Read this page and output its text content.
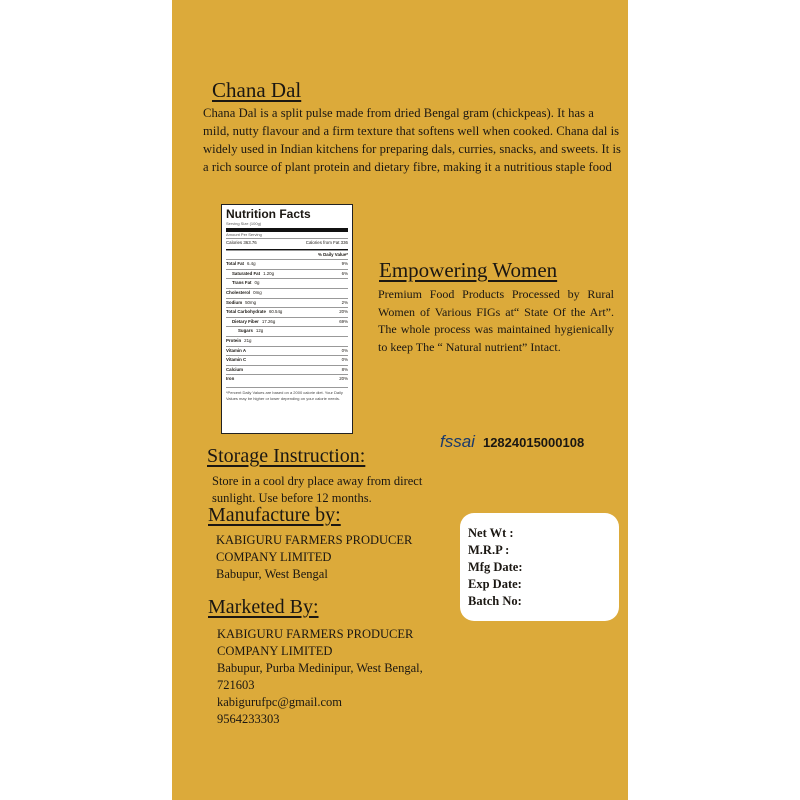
Chana Dal
Chana Dal is a split pulse made from dried Bengal gram (chickpeas). It has a mild, nutty flavour and a firm texture that softens well when cooked. Chana dal is widely used in Indian kitchens for preparing dals, curries, snacks, and sweets. It is a rich source of plant protein and dietary fibre, making it a nutritious staple food
Nutrition Facts
Serving Size (100g)
Amount Per Serving
Calories 363.76	Calories from Fat 336
% Daily Value*
Total Fat 6.4g	9%
Saturated Fat 1.20g	6%
Trans Fat 0g
Cholesterol 0mg
Sodium 50mg	2%
Total Carbohydrate 60.54g	20%
Dietary Fiber 17.26g	69%
Sugars 12g
Protein 21g
Vitamin A	0%
Vitamin C	0%
Calcium	8%
Iron	20%
*Percent Daily Values are based on a 2000 calorie diet. Your Daily Values may be higher or lower depending on your calorie needs.
Empowering Women
Premium Food Products Processed by Rural Women of Various FIGs at“ State Of the Art”. The whole process was maintained hygienically to keep The “ Natural nutrient” Intact.
fssai 12824015000108
Storage Instruction:
Store in a cool dry place away from direct sunlight. Use before 12 months.
Manufacture by:
KABIGURU FARMERS PRODUCER
COMPANY LIMITED
Babupur, West Bengal
Marketed By:
KABIGURU FARMERS PRODUCER
COMPANY LIMITED
Babupur, Purba Medinipur, West Bengal,
721603
kabigurufpc@gmail.com
9564233303
Net Wt :
M.R.P :
Mfg Date:
Exp Date:
Batch No:
